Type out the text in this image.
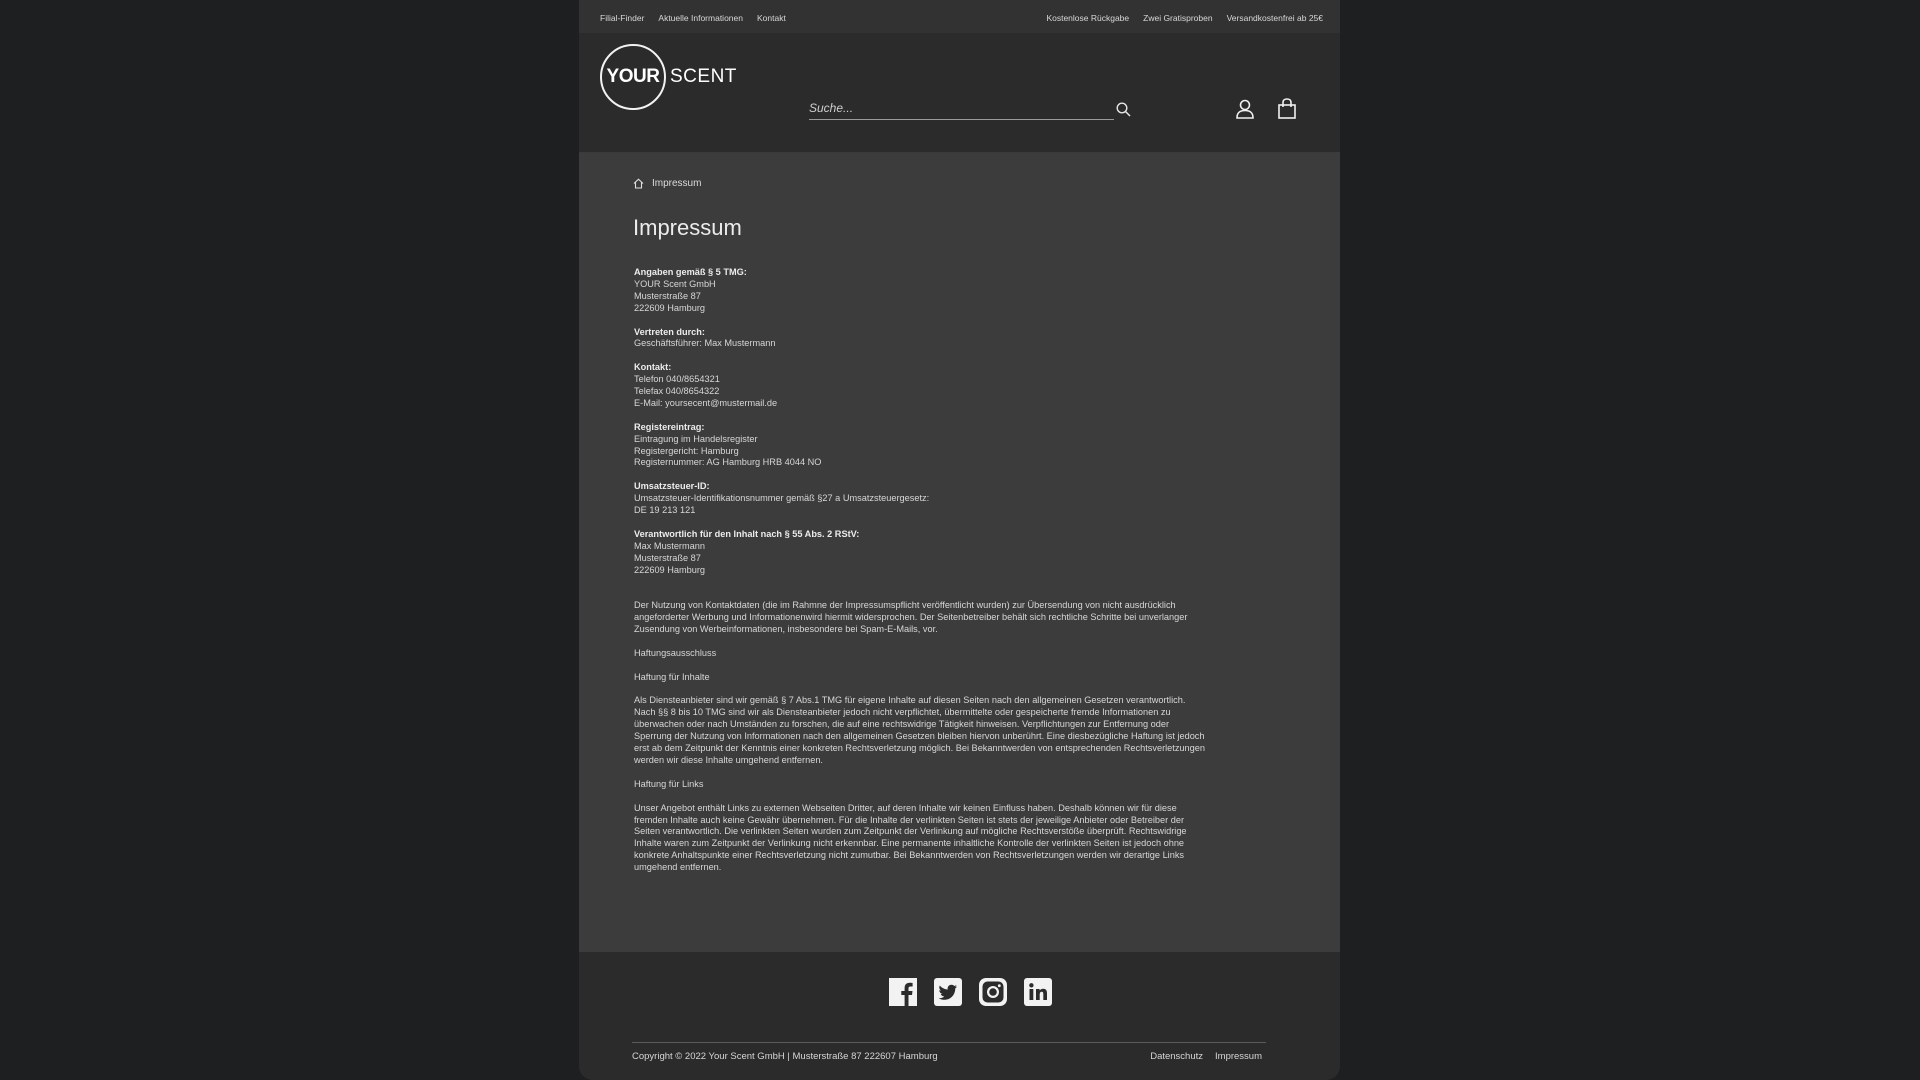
Filial-Finder Aktuelle Informationen Kontakt	Kostenlose Rückgabe Zwei Gratisproben Versandkostenfrei ab 25€
YOUR SCENT
Suche...
Impressum
Impressum
Angaben gemäß § 5 TMG:
YOUR Scent GmbH
Musterstraße 87
222609 Hamburg
Vertreten durch:
Geschäftsführer: Max Mustermann
Kontakt:
Telefon 040/8654321
Telefax 040/8654322
E-Mail: yoursecent@mustermail.de
Registereintrag:
Eintragung im Handelsregister
Registergericht: Hamburg
Registernummer: AG Hamburg HRB 4044 NO
Umsatzsteuer-ID:
Umsatzsteuer-Identifikationsnummer gemäß §27 a Umsatzsteuergesetz:
DE 19 213 121
Verantwortlich für den Inhalt nach § 55 Abs. 2 RStV:
Max Mustermann
Musterstraße 87
222609 Hamburg

Der Nutzung von Kontaktdaten (die im Rahmne der Impressumspflicht veröffentlicht wurden) zur Übersendung von nicht ausdrücklich
angeforderter Werbung und Informationenwird hiermit widersprochen. Der Seitenbetreiber behält sich rechtliche Schritte bei unverlanger
Zusendung von Werbeinformationen, insbesondere bei Spam-E-Mails, vor.

Haftungsausschluss

Haftung für Inhalte

Als Diensteanbieter sind wir gemäß § 7 Abs.1 TMG für eigene Inhalte auf diesen Seiten nach den allgemeinen Gesetzen verantwortlich.
Nach §§ 8 bis 10 TMG sind wir als Diensteanbieter jedoch nicht verpflichtet, übermittelte oder gespeicherte fremde Informationen zu
überwachen oder nach Umständen zu forschen, die auf eine rechtswidrige Tätigkeit hinweisen. Verpflichtungen zur Entfernung oder
Sperrung der Nutzung von Informationen nach den allgemeinen Gesetzen bleiben hiervon unberührt. Eine diesbezügliche Haftung ist jedoch
erst ab dem Zeitpunkt der Kenntnis einer konkreten Rechtsverletzung möglich. Bei Bekanntwerden von entsprechenden Rechtsverletzungen
werden wir diese Inhalte umgehend entfernen.

Haftung für Links

Unser Angebot enthält Links zu externen Webseiten Dritter, auf deren Inhalte wir keinen Einfluss haben. Deshalb können wir für diese
fremden Inhalte auch keine Gewähr übernehmen. Für die Inhalte der verlinkten Seiten ist stets der jeweilige Anbieter oder Betreiber der
Seiten verantwortlich. Die verlinkten Seiten wurden zum Zeitpunkt der Verlinkung auf mögliche Rechtsverstöße überprüft. Rechtswidrige
Inhalte waren zum Zeitpunkt der Verlinkung nicht erkennbar. Eine permanente inhaltliche Kontrolle der verlinkten Seiten ist jedoch ohne
konkrete Anhaltspunkte einer Rechtsverletzung nicht zumutbar. Bei Bekanntwerden von Rechtsverletzungen werden wir derartige Links
umgehend entfernen.

Copyright © 2022 Your Scent GmbH | Musterstraße 87 222607 Hamburg	Datenschutz Impressum
